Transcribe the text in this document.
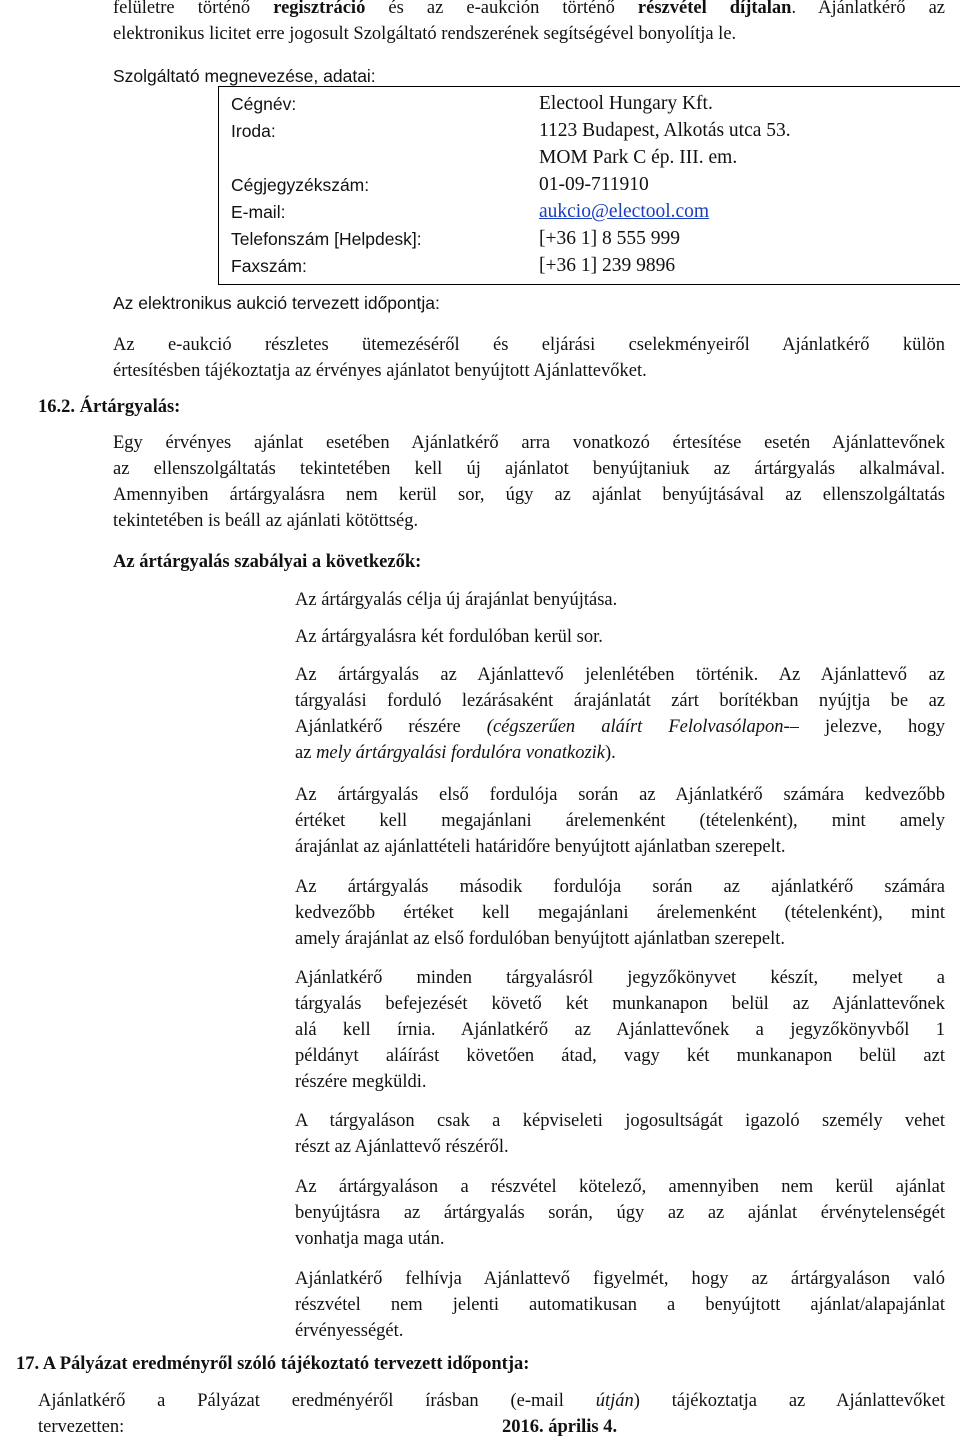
felületre történő regisztráció és az e-aukción történő részvétel díjtalan. Ajánlatkérő az
elektronikus licitet erre jogosult Szolgáltató rendszerének segítségével bonyolítja le.
Szolgáltató megnevezése, adatai:
Cégnév:	Electool Hungary Kft.
Iroda:	1123 Budapest, Alkotás utca 53.
MOM Park C ép. III. em.
Cégjegyzékszám:	01-09-711910
E-mail:	aukcio@electool.com
Telefonszám [Helpdesk]:	[+36 1] 8 555 999
Faxszám:	[+36 1] 239 9896
Az elektronikus aukció tervezett időpontja:
Az e-aukció részletes ütemezéséről és eljárási cselekményeiről Ajánlatkérő külön
értesítésben tájékoztatja az érvényes ajánlatot benyújtott Ajánlattevőket.
16.2. Ártárgyalás:
Egy érvényes ajánlat esetében Ajánlatkérő arra vonatkozó értesítése esetén Ajánlattevőnek
az ellenszolgáltatás tekintetében kell új ajánlatot benyújtaniuk az ártárgyalás alkalmával.
Amennyiben ártárgyalásra nem kerül sor, úgy az ajánlat benyújtásával az ellenszolgáltatás
tekintetében is beáll az ajánlati kötöttség.
Az ártárgyalás szabályai a következők:
Az ártárgyalás célja új árajánlat benyújtása.
Az ártárgyalásra két fordulóban kerül sor.
Az ártárgyalás az Ajánlattevő jelenlétében történik. Az Ajánlattevő az
tárgyalási forduló lezárásaként árajánlatát zárt borítékban nyújtja be az
Ajánlatkérő részére (cégszerűen aláírt Felolvasólapon-– jelezve, hogy
az mely ártárgyalási fordulóra vonatkozik).
Az ártárgyalás első fordulója során az Ajánlatkérő számára kedvezőbb
értéket kell megajánlani árelemenként (tételenként), mint amely
árajánlat az ajánlattételi határidőre benyújtott ajánlatban szerepelt.
Az ártárgyalás második fordulója során az ajánlatkérő számára
kedvezőbb értéket kell megajánlani árelemenként (tételenként), mint
amely árajánlat az első fordulóban benyújtott ajánlatban szerepelt.
Ajánlatkérő minden tárgyalásról jegyzőkönyvet készít, melyet a
tárgyalás befejezését követő két munkanapon belül az Ajánlattevőnek
alá kell írnia. Ajánlatkérő az Ajánlattevőnek a jegyzőkönyvből 1
példányt aláírást követően átad, vagy két munkanapon belül azt
részére megküldi.
A tárgyaláson csak a képviseleti jogosultságát igazoló személy vehet
részt az Ajánlattevő részéről.
Az ártárgyaláson a részvétel kötelező, amennyiben nem kerül ajánlat
benyújtásra az ártárgyalás során, úgy az az ajánlat érvénytelenségét
vonhatja maga után.
Ajánlatkérő felhívja Ajánlattevő figyelmét, hogy az ártárgyaláson való
részvétel nem jelenti automatikusan a benyújtott ajánlat/alapajánlat
érvényességét.
17. A Pályázat eredményről szóló tájékoztató tervezett időpontja:
Ajánlatkérő a Pályázat eredményéről írásban (e-mail útján) tájékoztatja az Ajánlattevőket
tervezetten:	2016. április 4.
